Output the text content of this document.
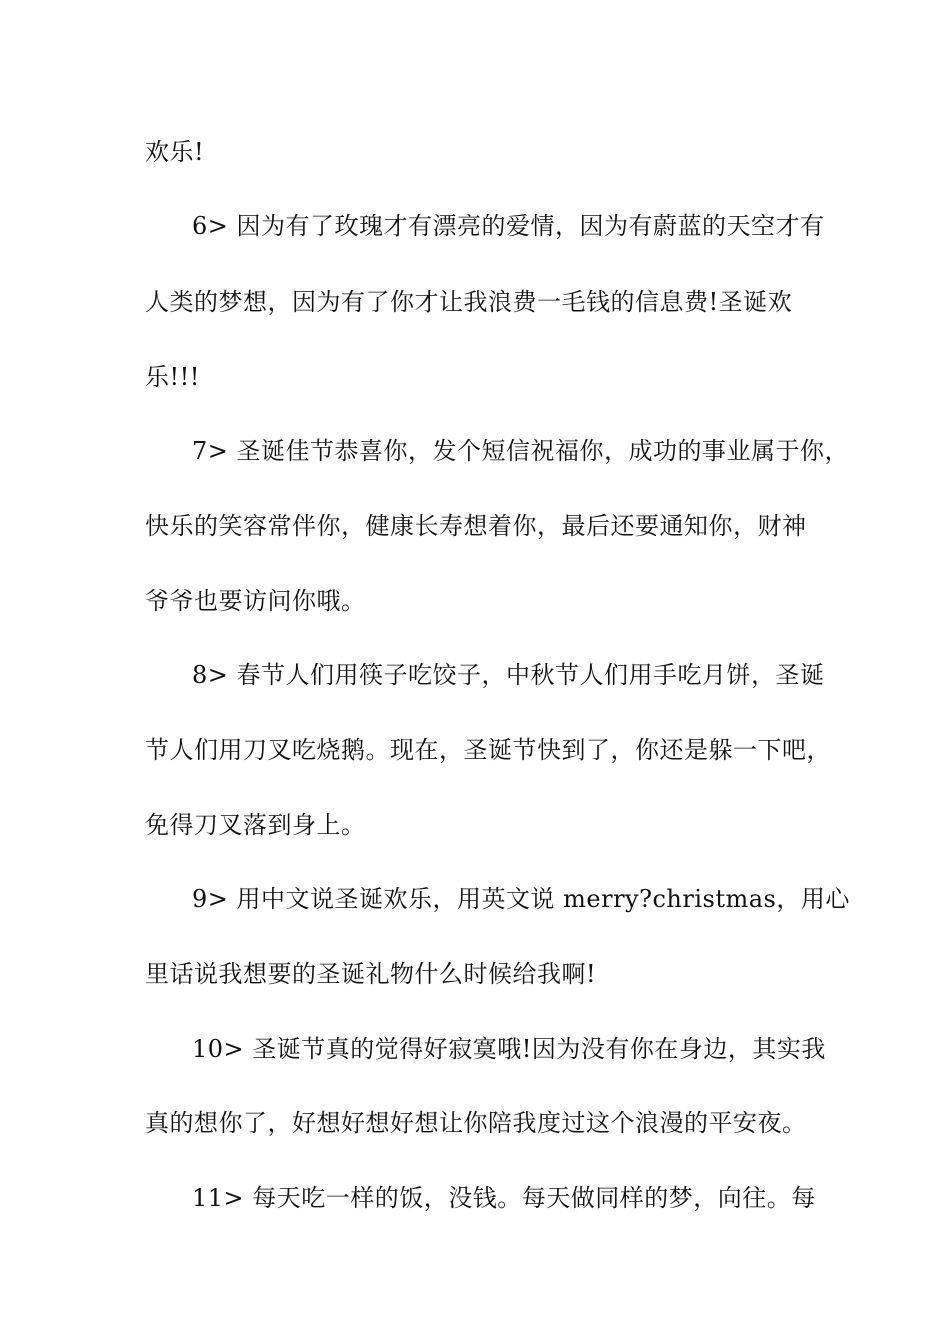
欢乐!
6> 因为有了玫瑰才有漂亮的爱情，因为有蔚蓝的天空才有
人类的梦想，因为有了你才让我浪费一毛钱的信息费!圣诞欢
乐!!!
7> 圣诞佳节恭喜你，发个短信祝福你，成功的事业属于你，
快乐的笑容常伴你，健康长寿想着你，最后还要通知你，财神
爷爷也要访问你哦。
8> 春节人们用筷子吃饺子，中秋节人们用手吃月饼，圣诞
节人们用刀叉吃烧鹅。现在，圣诞节快到了，你还是躲一下吧，
免得刀叉落到身上。
9> 用中文说圣诞欢乐，用英文说 merry?christmas，用心
里话说我想要的圣诞礼物什么时候给我啊!
10> 圣诞节真的觉得好寂寞哦!因为没有你在身边，其实我
真的想你了，好想好想好想让你陪我度过这个浪漫的平安夜。
11> 每天吃一样的饭，没钱。每天做同样的梦，向往。每
